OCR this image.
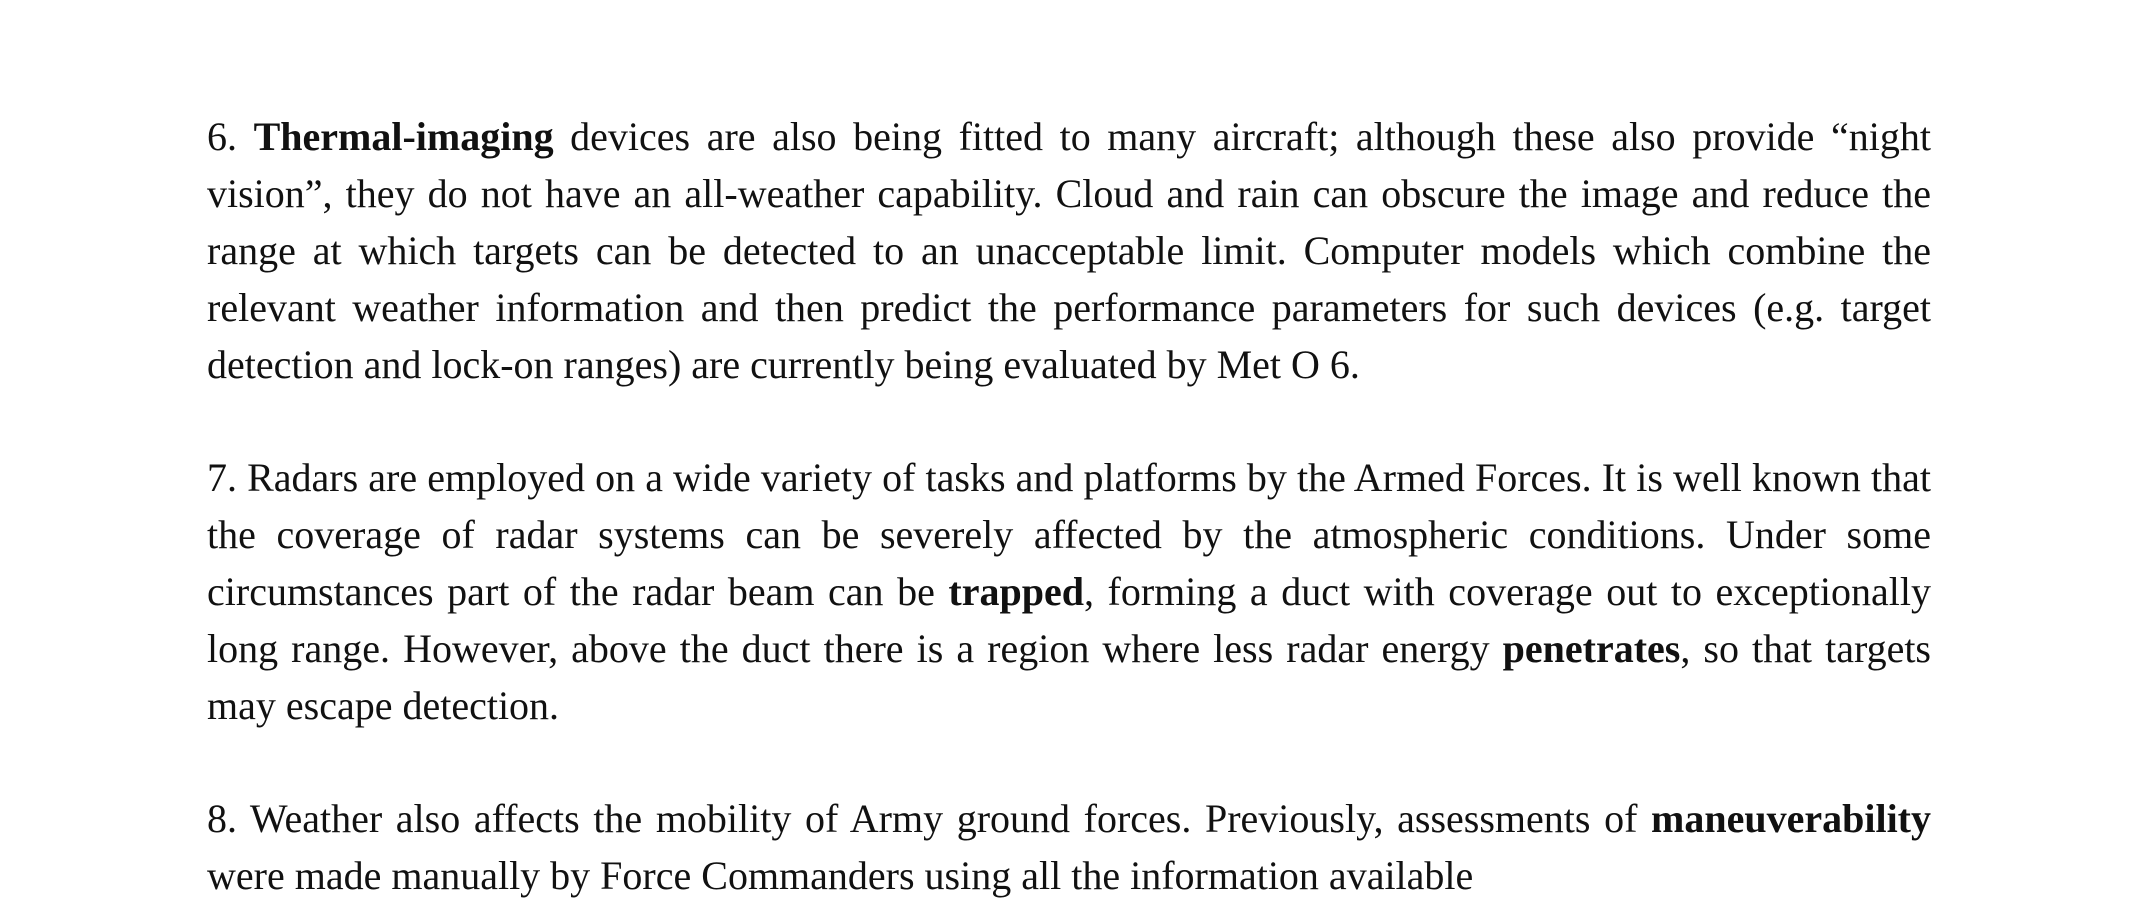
6. Thermal-imaging devices are also being fitted to many aircraft; although these also provide “night vision”, they do not have an all-weather capability. Cloud and rain can obscure the image and reduce the range at which targets can be detected to an unacceptable limit. Computer models which combine the relevant weather information and then predict the performance parameters for such devices (e.g. target detection and lock-on ranges) are currently being evaluated by Met O 6.

7. Radars are employed on a wide variety of tasks and platforms by the Armed Forces. It is well known that the coverage of radar systems can be severely affected by the atmospheric conditions. Under some circumstances part of the radar beam can be trapped, forming a duct with coverage out to exceptionally long range. However, above the duct there is a region where less radar energy penetrates, so that targets may escape detection.

8. Weather also affects the mobility of Army ground forces. Previously, assessments of maneuverability were made manually by Force Commanders using all the information available
